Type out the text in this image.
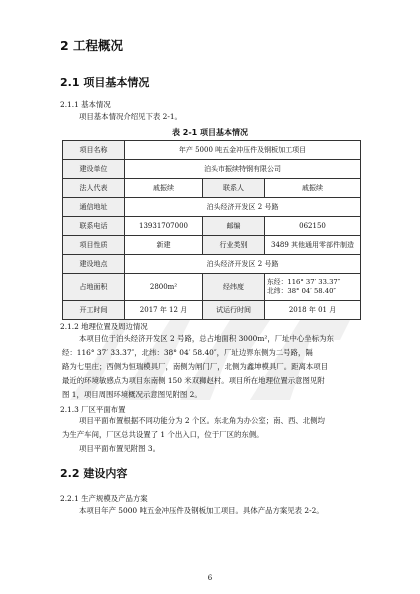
2 工程概况
2.1 项目基本情况
2.1.1 基本情况
项目基本情况介绍见下表 2-1。
表 2-1 项目基本情况
项目名称	年产 5000 吨五金冲压件及钢板加工项目		
建设单位	泊头市振续特钢有限公司		
法人代表	戚振续	联系人	戚振续
通信地址	泊头经济开发区 2 号路		
联系电话	13931707000	邮编	062150
项目性质	新建	行业类别	3489 其他通用零部件制造
建设地点	泊头经济开发区 2 号路		
占地面积	2800m²	经纬度	东经：116° 37′ 33.37″
北纬：38° 04′ 58.40″

开工时间	2017 年 12 月	试运行时间	2018 年 01 月
2.1.2 地理位置及周边情况
本项目位于泊头经济开发区 2 号路，总占地面积 3000m²，厂址中心坐标为东
经：116° 37′ 33.37″，北纬：38° 04′ 58.40″，厂址边界东侧为二号路，隔
路为七里庄；西侧为恒瑞模具厂，南侧为闸门厂，北侧为鑫坤模具厂。距离本项目
最近的环境敏感点为项目东南侧 150 米双狮赵村。项目所在地理位置示意图见附
图 1，项目周围环境概况示意图见附图 2。
2.1.3 厂区平面布置
项目平面布置根据不同功能分为 2 个区。东北角为办公室；南、西、北侧均
为生产车间，厂区总共设置了 1 个出入口，位于厂区的东侧。
项目平面布置见附图 3。
2.2 建设内容
2.2.1 生产规模及产品方案
本项目年产 5000 吨五金冲压件及钢板加工项目。具体产品方案见表 2-2。
6
